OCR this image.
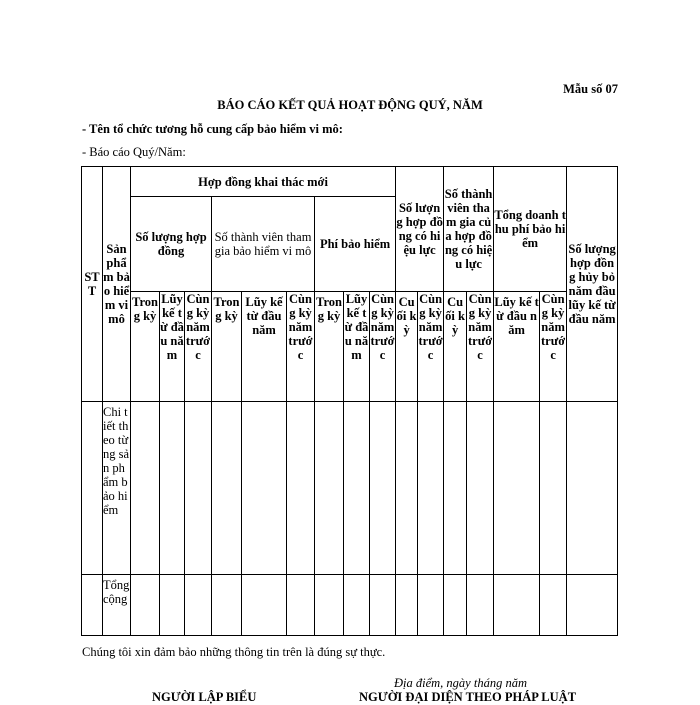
Mẫu số 07
BÁO CÁO KẾT QUẢ HOẠT ĐỘNG QUÝ, NĂM
- Tên tổ chức tương hỗ cung cấp bảo hiểm vi mô:
- Báo cáo Quý/Năm:
STT	Sản phẩm bảo hiểm vi mô	Hợp đồng khai thác mới									Số lượng hợp đồng có hiệu lực		Số thành viên tham gia của hợp đồng có hiệu lực		Tổng doanh thu phí bảo hiểm		Số lượng hợp đồng hủy bỏ năm đầu lũy kế từ đầu năm
		Số lượng hợp đồng			Số thành viên tham gia bảo hiểm vi mô			Phí bảo hiểm									
		Trong kỳ	Lũy kế từ đầu năm	Cùng kỳ năm trước	Trong kỳ	Lũy kế từ đầu năm	Cùng kỳ năm trước	Trong kỳ	Lũy kế từ đầu năm	Cùng kỳ năm trước	Cuối kỳ	Cùng kỳ năm trước	Cuối kỳ	Cùng kỳ năm trước	Lũy kế từ đầu năm	Cùng kỳ năm trước	
	Chi tiết theo từng sản phẩm bảo hiểm																
	Tổng cộng																
Chúng tôi xin đảm bảo những thông tin trên là đúng sự thực.
Địa điểm, ngày tháng năm
NGƯỜI LẬP BIỂU	NGƯỜI ĐẠI DIỆN THEO PHÁP LUẬT
